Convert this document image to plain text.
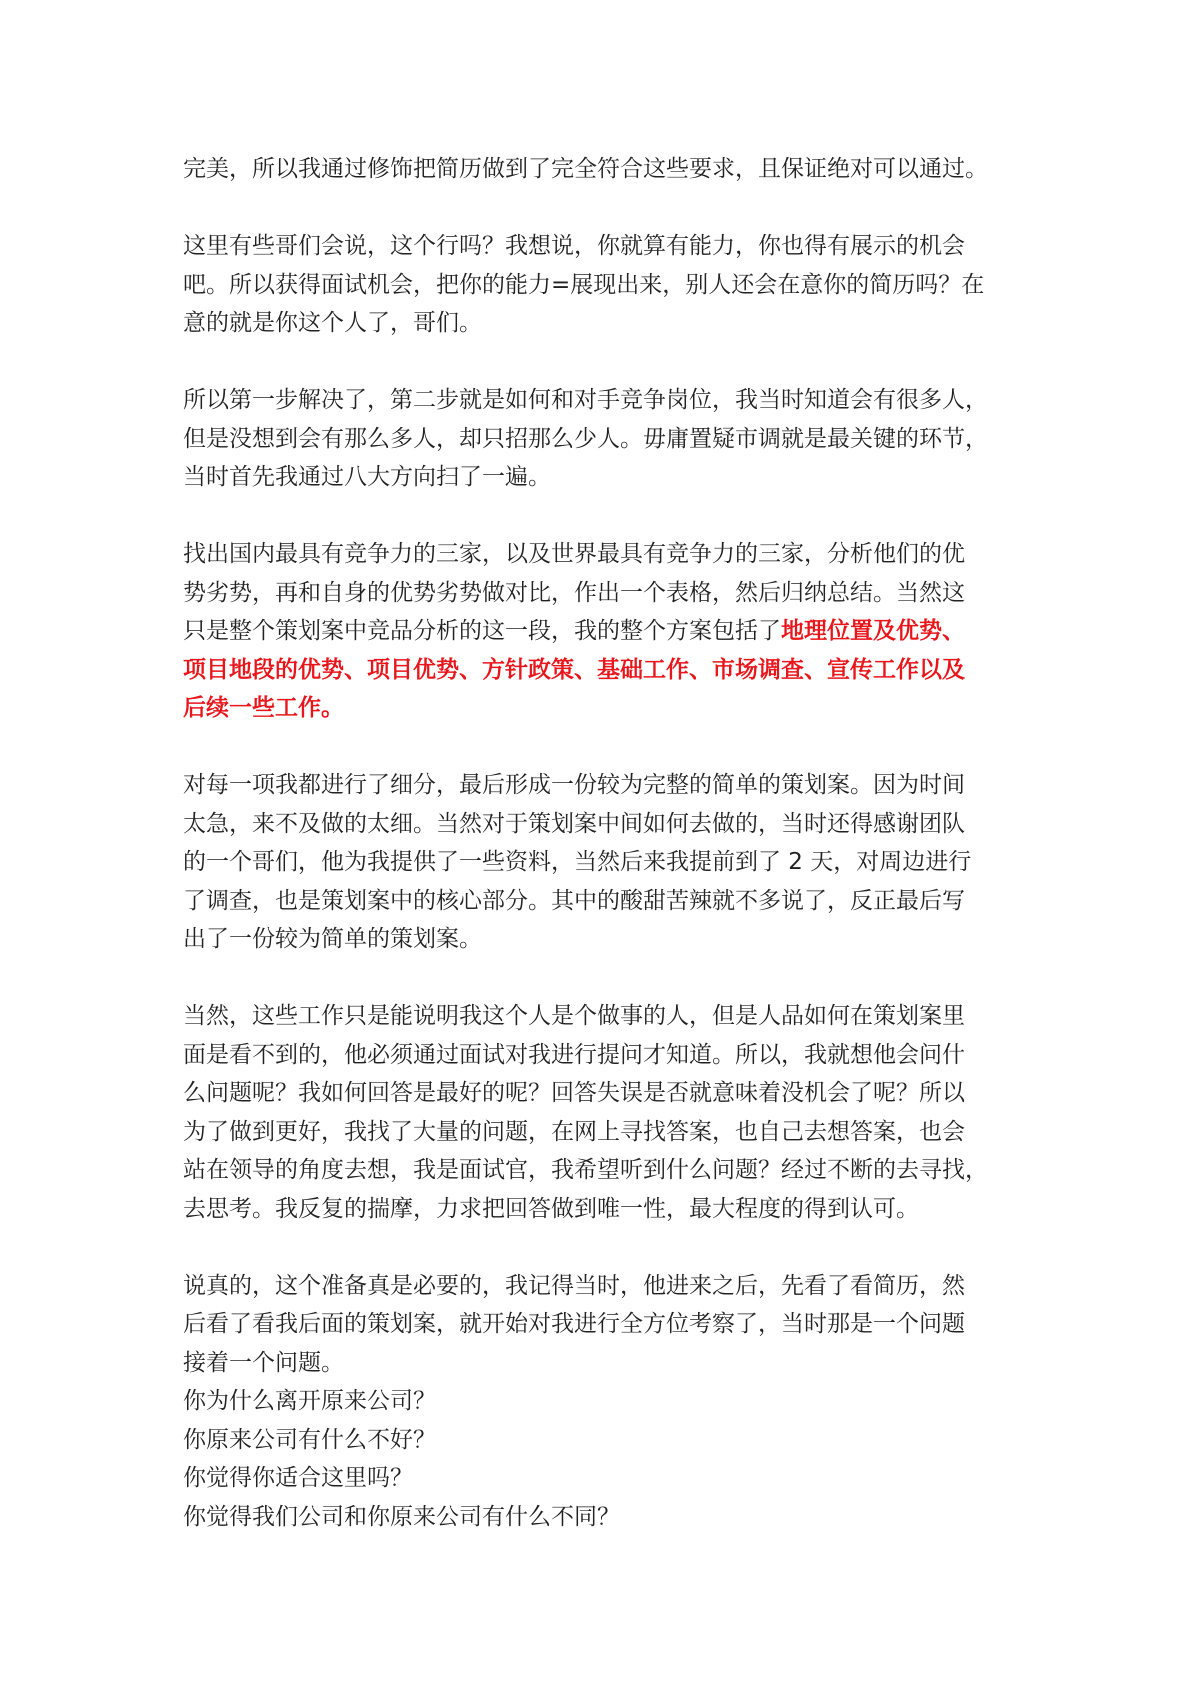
完美，所以我通过修饰把简历做到了完全符合这些要求，且保证绝对可以通过。

这里有些哥们会说，这个行吗？我想说，你就算有能力，你也得有展示的机会
吧。所以获得面试机会，把你的能力=展现出来，别人还会在意你的简历吗？在
意的就是你这个人了，哥们。

所以第一步解决了，第二步就是如何和对手竞争岗位，我当时知道会有很多人，
但是没想到会有那么多人，却只招那么少人。毋庸置疑市调就是最关键的环节，
当时首先我通过八大方向扫了一遍。

找出国内最具有竞争力的三家，以及世界最具有竞争力的三家，分析他们的优
势劣势，再和自身的优势劣势做对比，作出一个表格，然后归纳总结。当然这
只是整个策划案中竞品分析的这一段，我的整个方案包括了地理位置及优势、
项目地段的优势、项目优势、方针政策、基础工作、市场调查、宣传工作以及
后续一些工作。

对每一项我都进行了细分，最后形成一份较为完整的简单的策划案。因为时间
太急，来不及做的太细。当然对于策划案中间如何去做的，当时还得感谢团队
的一个哥们，他为我提供了一些资料，当然后来我提前到了 2 天，对周边进行
了调查，也是策划案中的核心部分。其中的酸甜苦辣就不多说了，反正最后写
出了一份较为简单的策划案。

当然，这些工作只是能说明我这个人是个做事的人，但是人品如何在策划案里
面是看不到的，他必须通过面试对我进行提问才知道。所以，我就想他会问什
么问题呢？我如何回答是最好的呢？回答失误是否就意味着没机会了呢？所以
为了做到更好，我找了大量的问题，在网上寻找答案，也自己去想答案，也会
站在领导的角度去想，我是面试官，我希望听到什么问题？经过不断的去寻找，
去思考。我反复的揣摩，力求把回答做到唯一性，最大程度的得到认可。

说真的，这个准备真是必要的，我记得当时，他进来之后，先看了看简历，然
后看了看我后面的策划案，就开始对我进行全方位考察了，当时那是一个问题
接着一个问题。
你为什么离开原来公司？
你原来公司有什么不好？
你觉得你适合这里吗？
你觉得我们公司和你原来公司有什么不同？
